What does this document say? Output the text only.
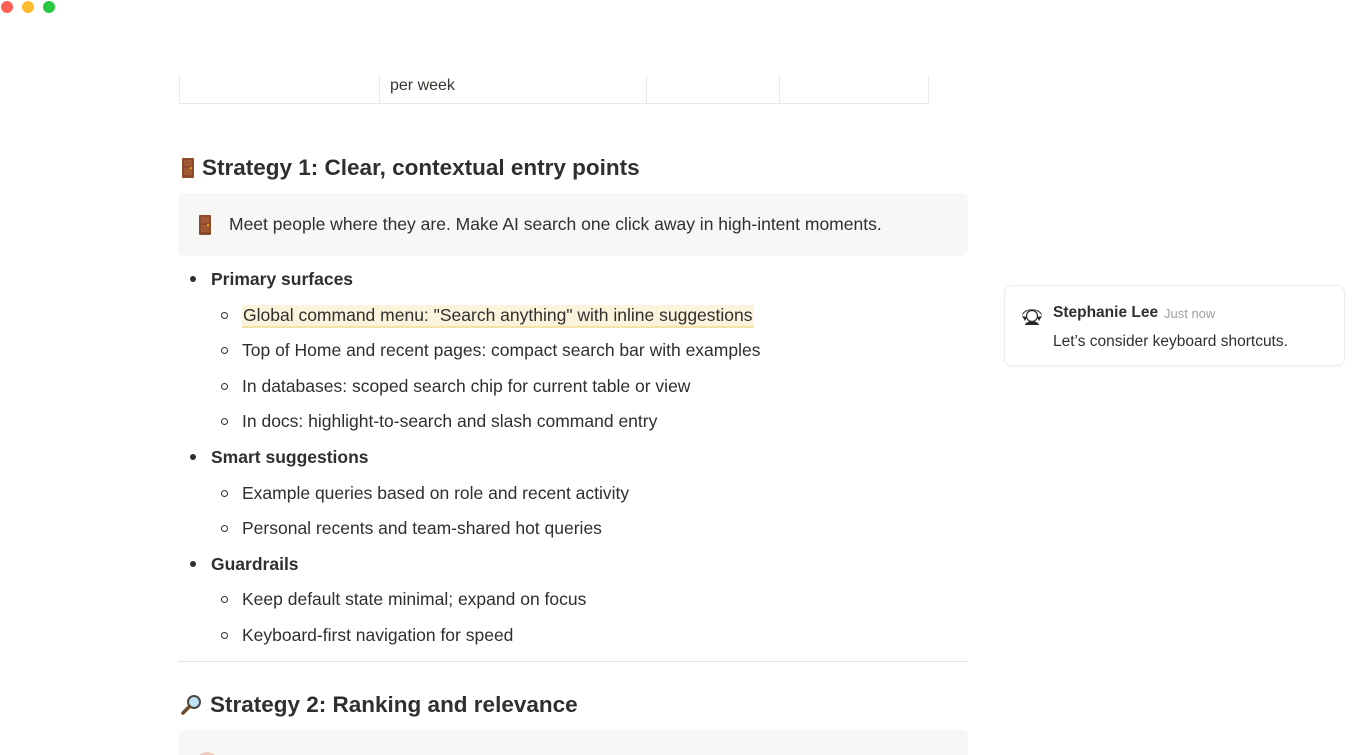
per week
Strategy 1: Clear, contextual entry points
Meet people where they are. Make AI search one click away in high-intent moments.
Primary surfaces
Global command menu: "Search anything" with inline suggestions
Top of Home and recent pages: compact search bar with examples
In databases: scoped search chip for current table or view
In docs: highlight-to-search and slash command entry
Smart suggestions
Example queries based on role and recent activity
Personal recents and team-shared hot queries
Guardrails
Keep default state minimal; expand on focus
Keyboard-first navigation for speed
Strategy 2: Ranking and relevance
Stephanie Lee Just now
Let’s consider keyboard shortcuts.
